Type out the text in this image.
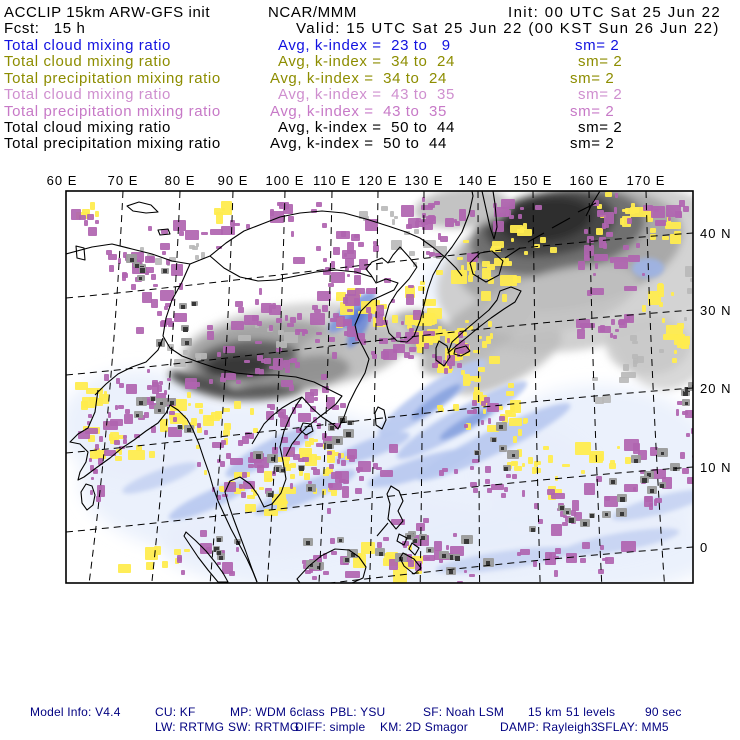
ACCLIP 15km ARW-GFS init	NCAR/MMM	Init: 00 UTC Sat 25 Jun 22
Fcst:   15 h	Valid: 15 UTC Sat 25 Jun 22 (00 KST Sun 26 Jun 22)
Total cloud mixing ratio	Avg, k-index =  23 to   9	sm= 2
Total cloud mixing ratio	Avg, k-index =  34 to  24	sm= 2
Total precipitation mixing ratio	Avg, k-index =  34 to  24	sm= 2
Total cloud mixing ratio	Avg, k-index =  43 to  35	sm= 2
Total precipitation mixing ratio	Avg, k-index =  43 to  35	sm= 2
Total cloud mixing ratio	Avg, k-index =  50 to  44	sm= 2
Total precipitation mixing ratio	Avg, k-index =  50 to  44	sm= 2
60 E 70 E 80 E 90 E 100 E 110 E 120 E 130 E 140 E 150 E 160 E 170 E
40 N
30 N
20 N
10 N
0
Model Info: V4.4	CU: KF	MP: WDM 6class PBL: YSU	SF: Noah LSM 15 km 51 levels 90 sec
LW: RRTMG SW: RRTMG
DIFF: simple KM: 2D Smagor	DAMP: Rayleigh3 SFLAY: MM5
